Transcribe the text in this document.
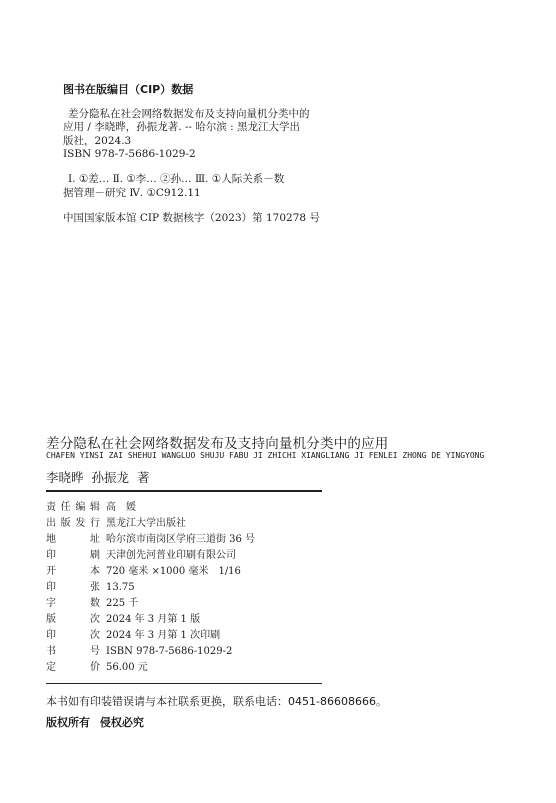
图书在版编目（CIP）数据
差分隐私在社会网络数据发布及支持向量机分类中的
应用 / 李晓晔，孙振龙著. -- 哈尔滨 : 黑龙江大学出
版社，2024.3
ISBN 978-7-5686-1029-2
Ⅰ. ①差… Ⅱ. ①李… ②孙… Ⅲ. ①人际关系－数
据管理－研究 Ⅳ. ①C912.11
中国国家版本馆 CIP 数据核字（2023）第 170278 号
差分隐私在社会网络数据发布及支持向量机分类中的应用
CHAFEN YINSI ZAI SHEHUI WANGLUO SHUJU FABU JI ZHICHI XIANGLIANG JI FENLEI ZHONG DE YINGYONG
李晓晔 孙振龙 著
责任编辑 高　媛
出版发行 黑龙江大学出版社
地址 哈尔滨市南岗区学府三道街 36 号
印刷 天津创先河普业印刷有限公司
开本 720 毫米 ×1000 毫米　1/16
印张 13.75
字数 225 千
版次 2024 年 3 月第 1 版
印次 2024 年 3 月第 1 次印刷
书号 ISBN 978-7-5686-1029-2
定价 56.00 元
本书如有印装错误请与本社联系更换，联系电话：0451-86608666。
版权所有 侵权必究
